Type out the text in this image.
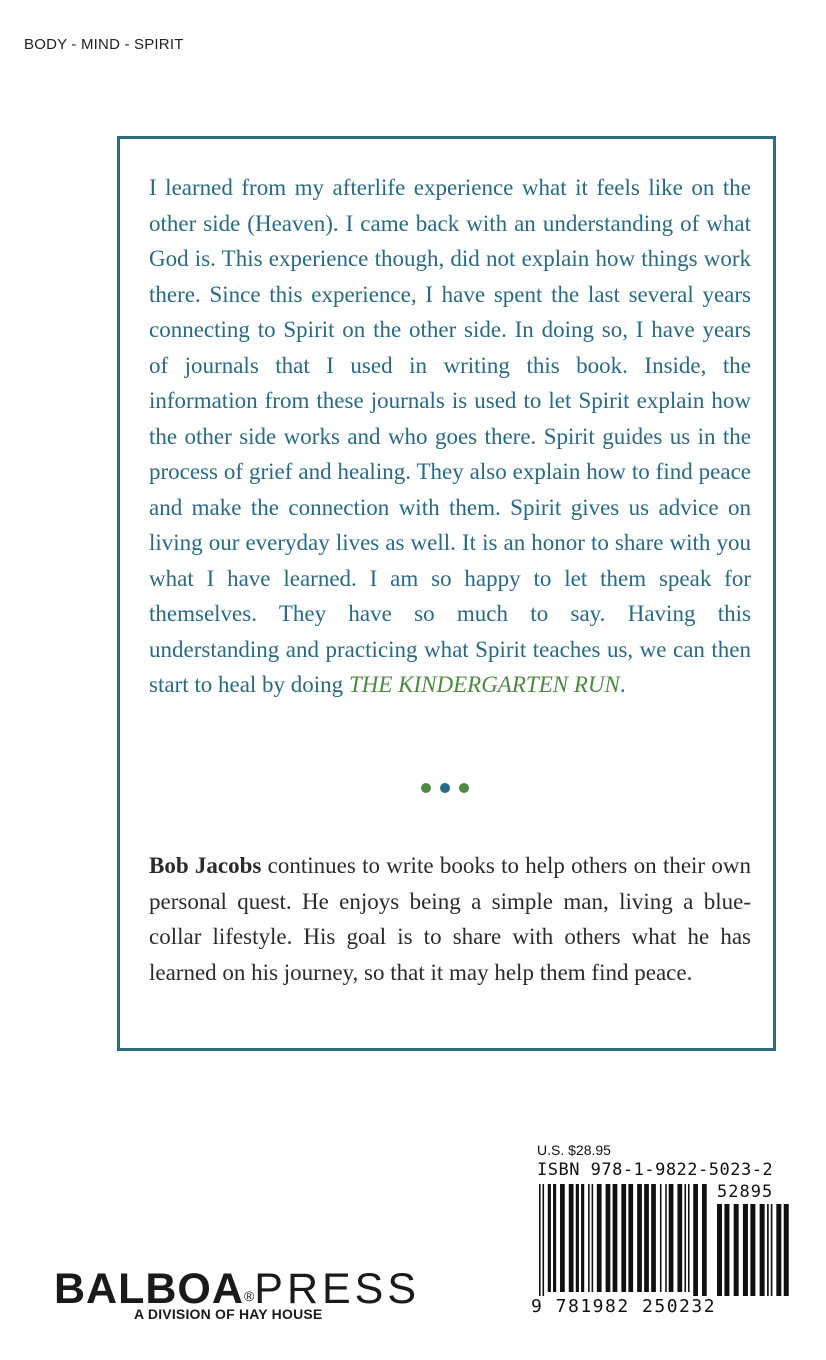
BODY - MIND - SPIRIT

I learned from my afterlife experience what it feels like on the other side (Heaven). I came back with an understanding of what God is. This experience though, did not explain how things work there. Since this experience, I have spent the last several years connecting to Spirit on the other side. In doing so, I have years of journals that I used in writing this book. Inside, the information from these journals is used to let Spirit explain how the other side works and who goes there. Spirit guides us in the process of grief and healing. They also explain how to find peace and make the connection with them. Spirit gives us advice on living our everyday lives as well. It is an honor to share with you what I have learned. I am so happy to let them speak for themselves. They have so much to say. Having this understanding and practicing what Spirit teaches us, we can then start to heal by doing THE KINDERGARTEN RUN.

Bob Jacobs continues to write books to help others on their own personal quest. He enjoys being a simple man, living a blue-collar lifestyle. His goal is to share with others what he has learned on his journey, so that it may help them find peace.

U.S. $28.95
ISBN 978-1-9822-5023-2
52895
9 781982 250232
BALBOA®PRESS
A DIVISION OF HAY HOUSE
